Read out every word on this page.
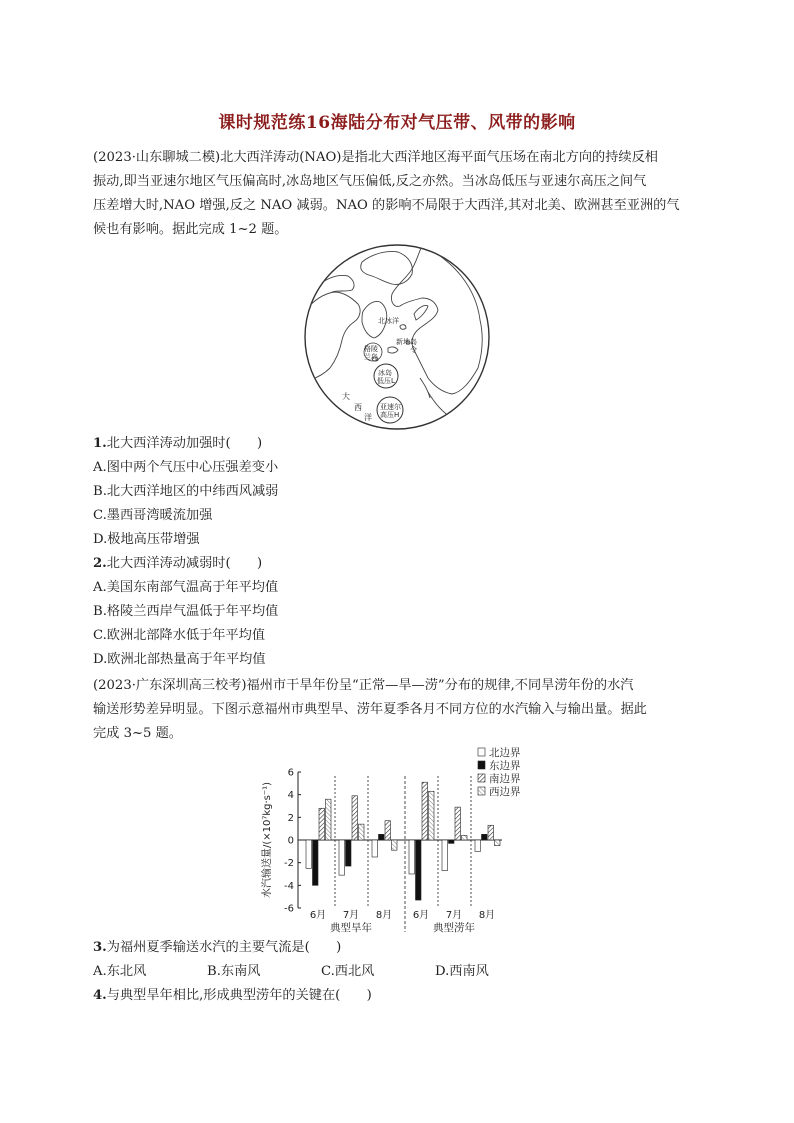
课时规范练16海陆分布对气压带、风带的影响
(2023·山东聊城二模)北大西洋涛动(NAO)是指北大西洋地区海平面气压场在南北方向的持续反相
振动,即当亚速尔地区气压偏高时,冰岛地区气压偏低,反之亦然。当冰岛低压与亚速尔高压之间气
压差增大时,NAO 增强,反之 NAO 减弱。NAO 的影响不局限于大西洋,其对北美、欧洲甚至亚洲的气
候也有影响。据此完成 1~2 题。
北冰洋
新地岛
令
格陵
兰岛
冰岛
低压L
亚速尔
高压H
大
西
洋
1.北大西洋涛动加强时(　　)
A.图中两个气压中心压强差变小
B.北大西洋地区的中纬西风减弱
C.墨西哥湾暖流加强
D.极地高压带增强
2.北大西洋涛动减弱时(　　)
A.美国东南部气温高于年平均值
B.格陵兰西岸气温低于年平均值
C.欧洲北部降水低于年平均值
D.欧洲北部热量高于年平均值
(2023·广东深圳高三校考)福州市干旱年份呈“正常—旱—涝”分布的规律,不同旱涝年份的水汽
输送形势差异明显。下图示意福州市典型旱、涝年夏季各月不同方位的水汽输入与输出量。据此
完成 3~5 题。
6
4
2
0
-2
-4
-6
水汽输送量/(×10⁷kg·s⁻¹)
6月 7月 8月 6月 7月 8月
典型旱年	典型涝年
北边界
东边界
南边界
西边界
3.为福州夏季输送水汽的主要气流是(　　)
A.东北风	B.东南风	C.西北风	D.西南风
4.与典型旱年相比,形成典型涝年的关键在(　　)
